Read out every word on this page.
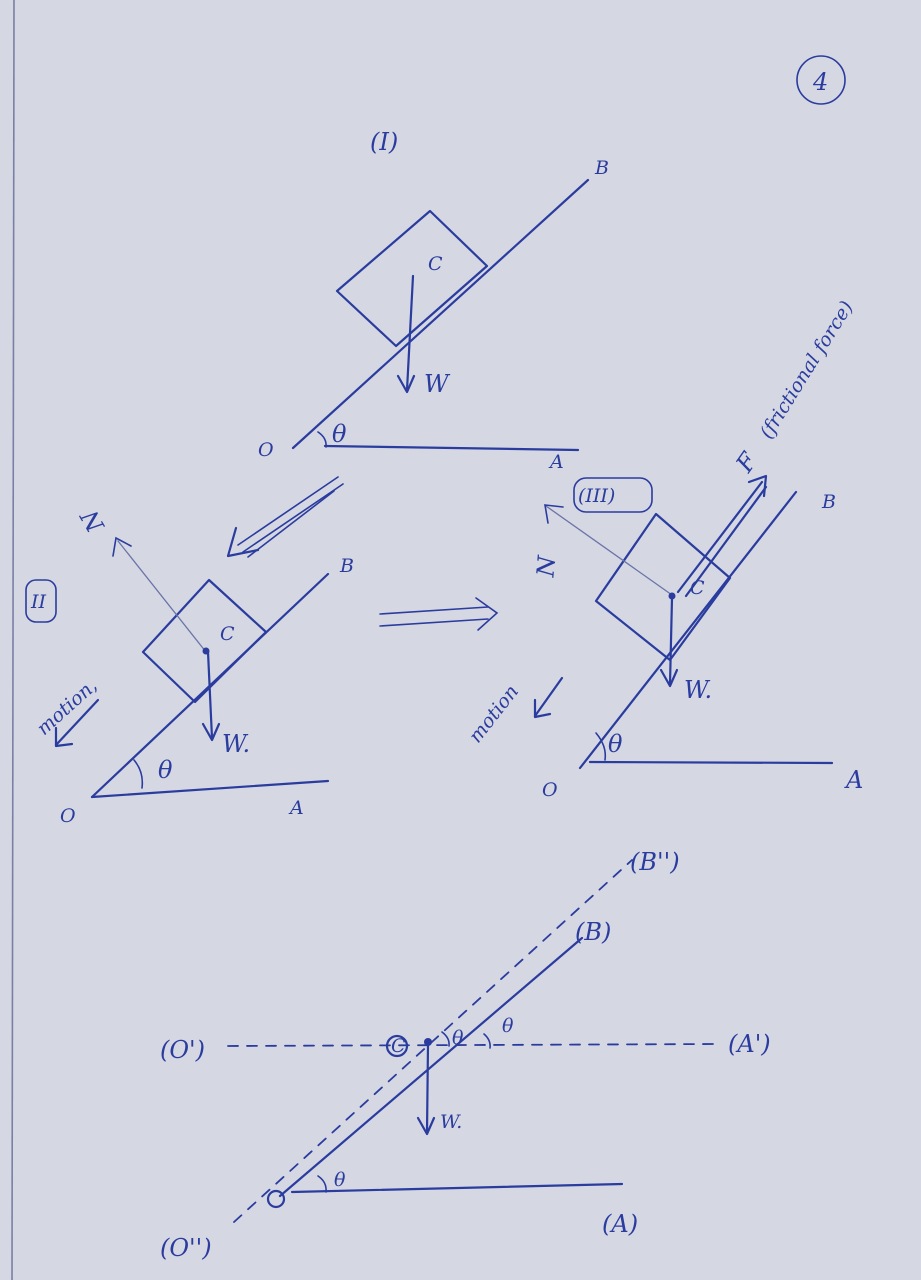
4
(I)
C
W
θ
O
A
B
II
N
C
W.
θ
motion,
O	A
B
(III)
N
C
W.
θ
motion
F
(frictional force)
O	A
B
C θ
θ
θ
W.
(B'')
(B)
(O')	(A')
(O'')
(A)
